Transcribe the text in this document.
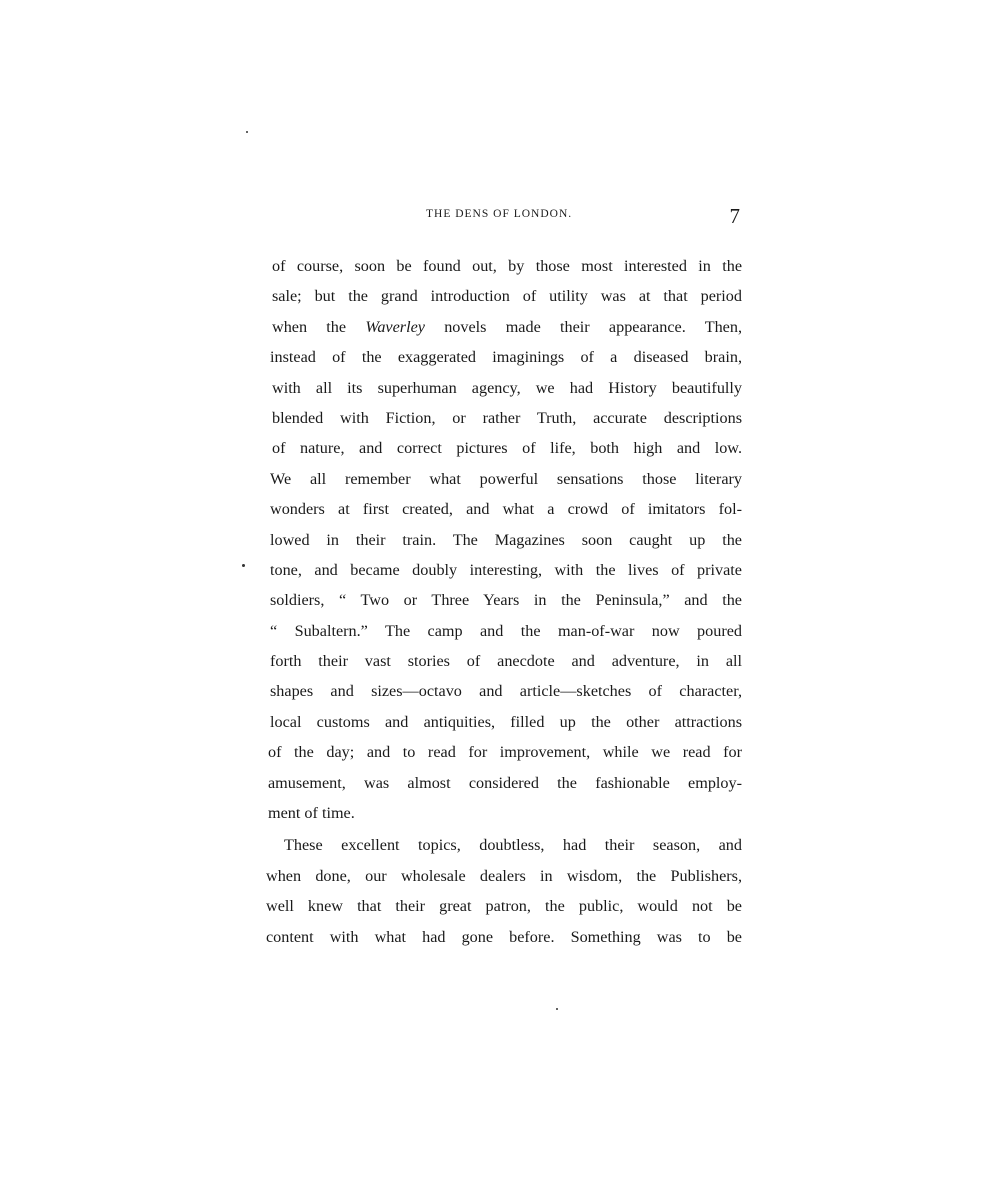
THE DENS OF LONDON.	7
of course, soon be found out, by those most interested in the
sale; but the grand introduction of utility was at that period
when the Waverley novels made their appearance. Then,
instead of the exaggerated imaginings of a diseased brain,
with all its superhuman agency, we had History beautifully
blended with Fiction, or rather Truth, accurate descriptions
of nature, and correct pictures of life, both high and low.
We all remember what powerful sensations those literary
wonders at first created, and what a crowd of imitators fol-
lowed in their train. The Magazines soon caught up the
tone, and became doubly interesting, with the lives of private
soldiers, “ Two or Three Years in the Peninsula,” and the
“ Subaltern.” The camp and the man-of-war now poured
forth their vast stories of anecdote and adventure, in all
shapes and sizes—octavo and article—sketches of character,
local customs and antiquities, filled up the other attractions
of the day; and to read for improvement, while we read for
amusement, was almost considered the fashionable employ-
ment of time.
These excellent topics, doubtless, had their season, and
when done, our wholesale dealers in wisdom, the Publishers,
well knew that their great patron, the public, would not be
content with what had gone before. Something was to be
